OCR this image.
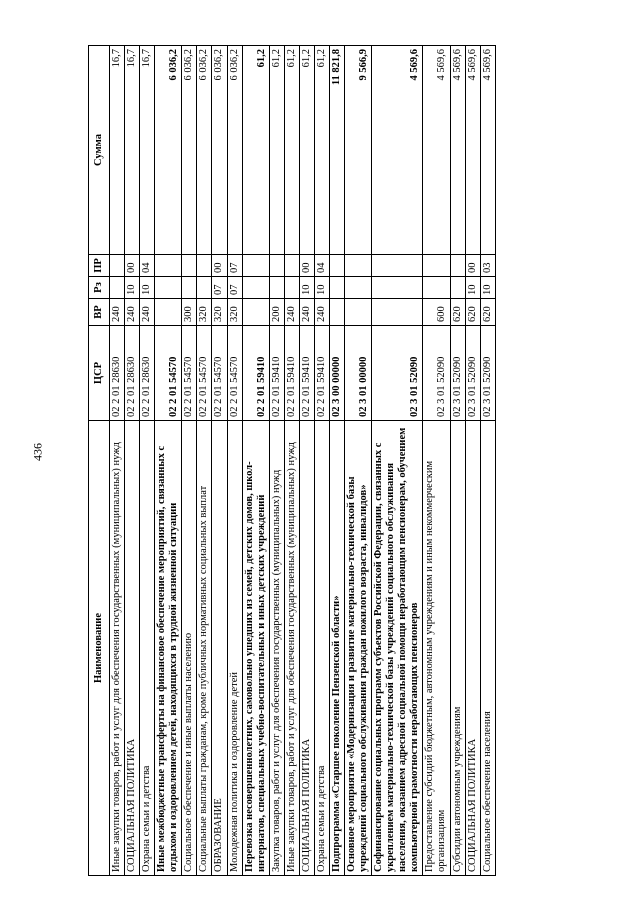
436
Наименование	ЦСР	ВР	Рз	ПР	Сумма
Иные закупки товаров, работ и услуг для обеспечения государственных (муниципальных) нужд	02 2 01 28630	240			16,7
СОЦИАЛЬНАЯ ПОЛИТИКА	02 2 01 28630	240	10	00	16,7
Охрана семьи и детства	02 2 01 28630	240	10	04	16,7
Иные межбюджетные трансферты на финансовое обеспечение мероприятий, связанных с отдыхом и оздоровлением детей, находящихся в трудной жизненной ситуации	02 2 01 54570				6 036,2
Социальное обеспечение и иные выплаты населению	02 2 01 54570	300			6 036,2
Социальные выплаты гражданам, кроме публичных нормативных социальных выплат	02 2 01 54570	320			6 036,2
ОБРАЗОВАНИЕ	02 2 01 54570	320	07	00	6 036,2
Молодежная политика и оздоровление детей	02 2 01 54570	320	07	07	6 036,2
Перевозка несовершеннолетних, самовольно ушедших из семей, детских домов, школ-интернатов, специальных учебно-воспитательных и иных детских учреждений	02 2 01 59410				61,2
Закупка товаров, работ и услуг для обеспечения государственных (муниципальных) нужд	02 2 01 59410	200			61,2
Иные закупки товаров, работ и услуг для обеспечения государственных (муниципальных) нужд	02 2 01 59410	240			61,2
СОЦИАЛЬНАЯ ПОЛИТИКА	02 2 01 59410	240	10	00	61,2
Охрана семьи и детства	02 2 01 59410	240	10	04	61,2
Подпрограмма «Старшее поколение Пензенской области»	02 3 00 00000				11 821,8
Основное мероприятие «Модернизация и развитие материально-технической базы учреждений социального обслуживания граждан пожилого возраста, инвалидов»	02 3 01 00000				9 566,9
Софинансирование социальных программ субъектов Российской Федерации, связанных с укреплением материально-технической базы учреждений социального обслуживания населения, оказанием адресной социальной помощи неработающим пенсионерам, обучением компьютерной грамотности неработающих пенсионеров	02 3 01 52090				4 569,6
Предоставление субсидий бюджетным, автономным учреждениям и иным некоммерческим организациям	02 3 01 52090	600			4 569,6
Субсидии автономным учреждениям	02 3 01 52090	620			4 569,6
СОЦИАЛЬНАЯ ПОЛИТИКА	02 3 01 52090	620	10	00	4 569,6
Социальное обеспечение населения	02 3 01 52090	620	10	03	4 569,6
